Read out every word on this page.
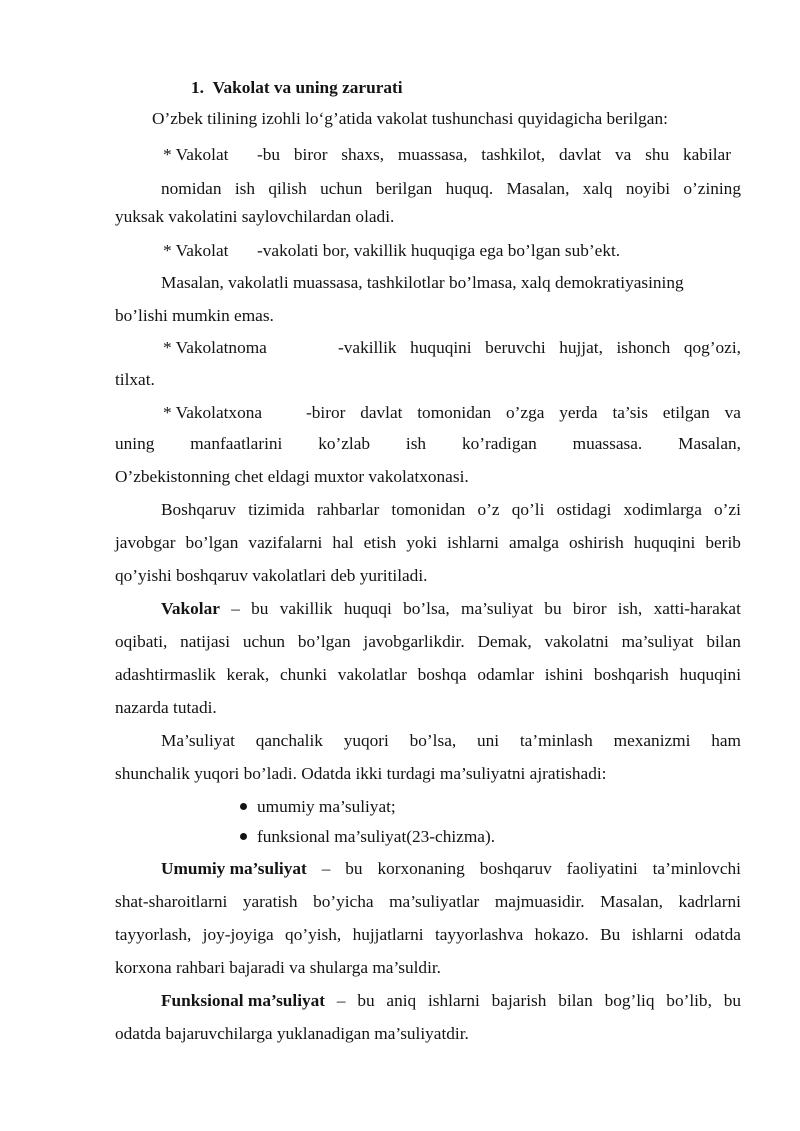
1. Vakolat va uning zarurati
O’zbek tilining izohli lo‘g’atida vakolat tushunchasi quyidagicha berilgan:
* Vakolat -bu biror shaxs, muassasa, tashkilot, davlat va shu kabilar
nomidan ish qilish uchun berilgan huquq. Masalan, xalq noyibi o’zining
yuksak vakolatini saylovchilardan oladi.
* Vakolat -vakolati bor, vakillik huquqiga ega bo’lgan sub’ekt.
Masalan, vakolatli muassasa, tashkilotlar bo’lmasa, xalq demokratiyasining
bo’lishi mumkin emas.
* Vakolatnoma	-vakillik huquqini beruvchi hujjat, ishonch qog’ozi,
tilxat.
* Vakolatxona	-biror davlat tomonidan o’zga yerda ta’sis etilgan va
uning manfaatlarini ko’zlab ish ko’radigan muassasa. Masalan,
O’zbekistonning chet eldagi muxtor vakolatxonasi.
Boshqaruv tizimida rahbarlar tomonidan o’z qo’li ostidagi xodimlarga o’zi
javobgar bo’lgan vazifalarni hal etish yoki ishlarni amalga oshirish huquqini berib
qo’yishi boshqaruv vakolatlari deb yuritiladi.
Vakolar – bu vakillik huquqi bo’lsa, ma’suliyat bu biror ish, xatti-harakat
oqibati, natijasi uchun bo’lgan javobgarlikdir. Demak, vakolatni ma’suliyat bilan
adashtirmaslik kerak, chunki vakolatlar boshqa odamlar ishini boshqarish huquqini
nazarda tutadi.
Ma’suliyat qanchalik yuqori bo’lsa, uni ta’minlash mexanizmi ham
shunchalik yuqori bo’ladi. Odatda ikki turdagi ma’suliyatni ajratishadi:
umumiy ma’suliyat;
funksional ma’suliyat(23-chizma).
Umumiy ma’suliyat – bu korxonaning boshqaruv faoliyatini ta’minlovchi
shat-sharoitlarni yaratish bo’yicha ma’suliyatlar majmuasidir. Masalan, kadrlarni
tayyorlash, joy-joyiga qo’yish, hujjatlarni tayyorlashva hokazo. Bu ishlarni odatda
korxona rahbari bajaradi va shularga ma’suldir.
Funksional ma’suliyat – bu aniq ishlarni bajarish bilan bog’liq bo’lib, bu
odatda bajaruvchilarga yuklanadigan ma’suliyatdir.
